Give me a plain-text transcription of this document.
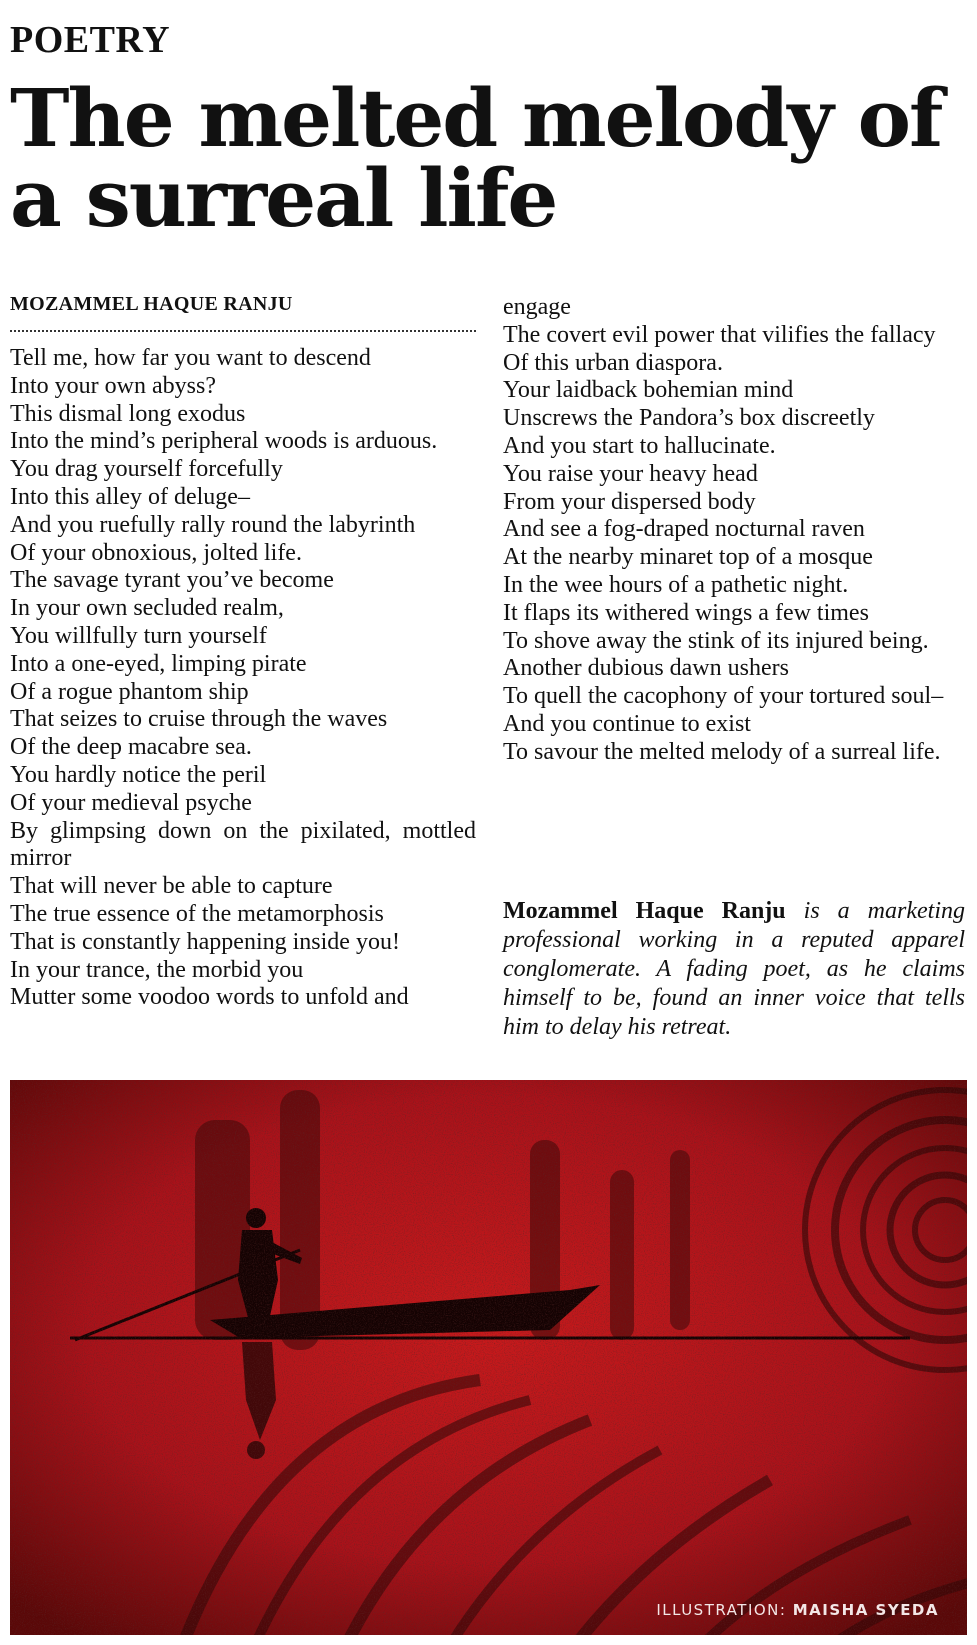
POETRY
The melted melody of a surreal life
MOZAMMEL HAQUE RANJU
Tell me, how far you want to descend
Into your own abyss?
This dismal long exodus
Into the mind’s peripheral woods is arduous.
You drag yourself forcefully
Into this alley of deluge–
And you ruefully rally round the labyrinth
Of your obnoxious, jolted life.
The savage tyrant you’ve become
In your own secluded realm,
You willfully turn yourself
Into a one-eyed, limping pirate
Of a rogue phantom ship
That seizes to cruise through the waves
Of the deep macabre sea.
You hardly notice the peril
Of your medieval psyche
By glimpsing down on the pixilated, mottled mirror
That will never be able to capture
The true essence of the metamorphosis
That is constantly happening inside you!
In your trance, the morbid you
Mutter some voodoo words to unfold and
engage
The covert evil power that vilifies the fallacy
Of this urban diaspora.
Your laidback bohemian mind
Unscrews the Pandora’s box discreetly
And you start to hallucinate.
You raise your heavy head
From your dispersed body
And see a fog-draped nocturnal raven
At the nearby minaret top of a mosque
In the wee hours of a pathetic night.
It flaps its withered wings a few times
To shove away the stink of its injured being.
Another dubious dawn ushers
To quell the cacophony of your tortured soul–
And you continue to exist
To savour the melted melody of a surreal life.

Mozammel Haque Ranju is a marketing professional working in a reputed apparel conglomerate. A fading poet, as he claims himself to be, found an inner voice that tells him to delay his retreat.

ILLUSTRATION: MAISHA SYEDA
